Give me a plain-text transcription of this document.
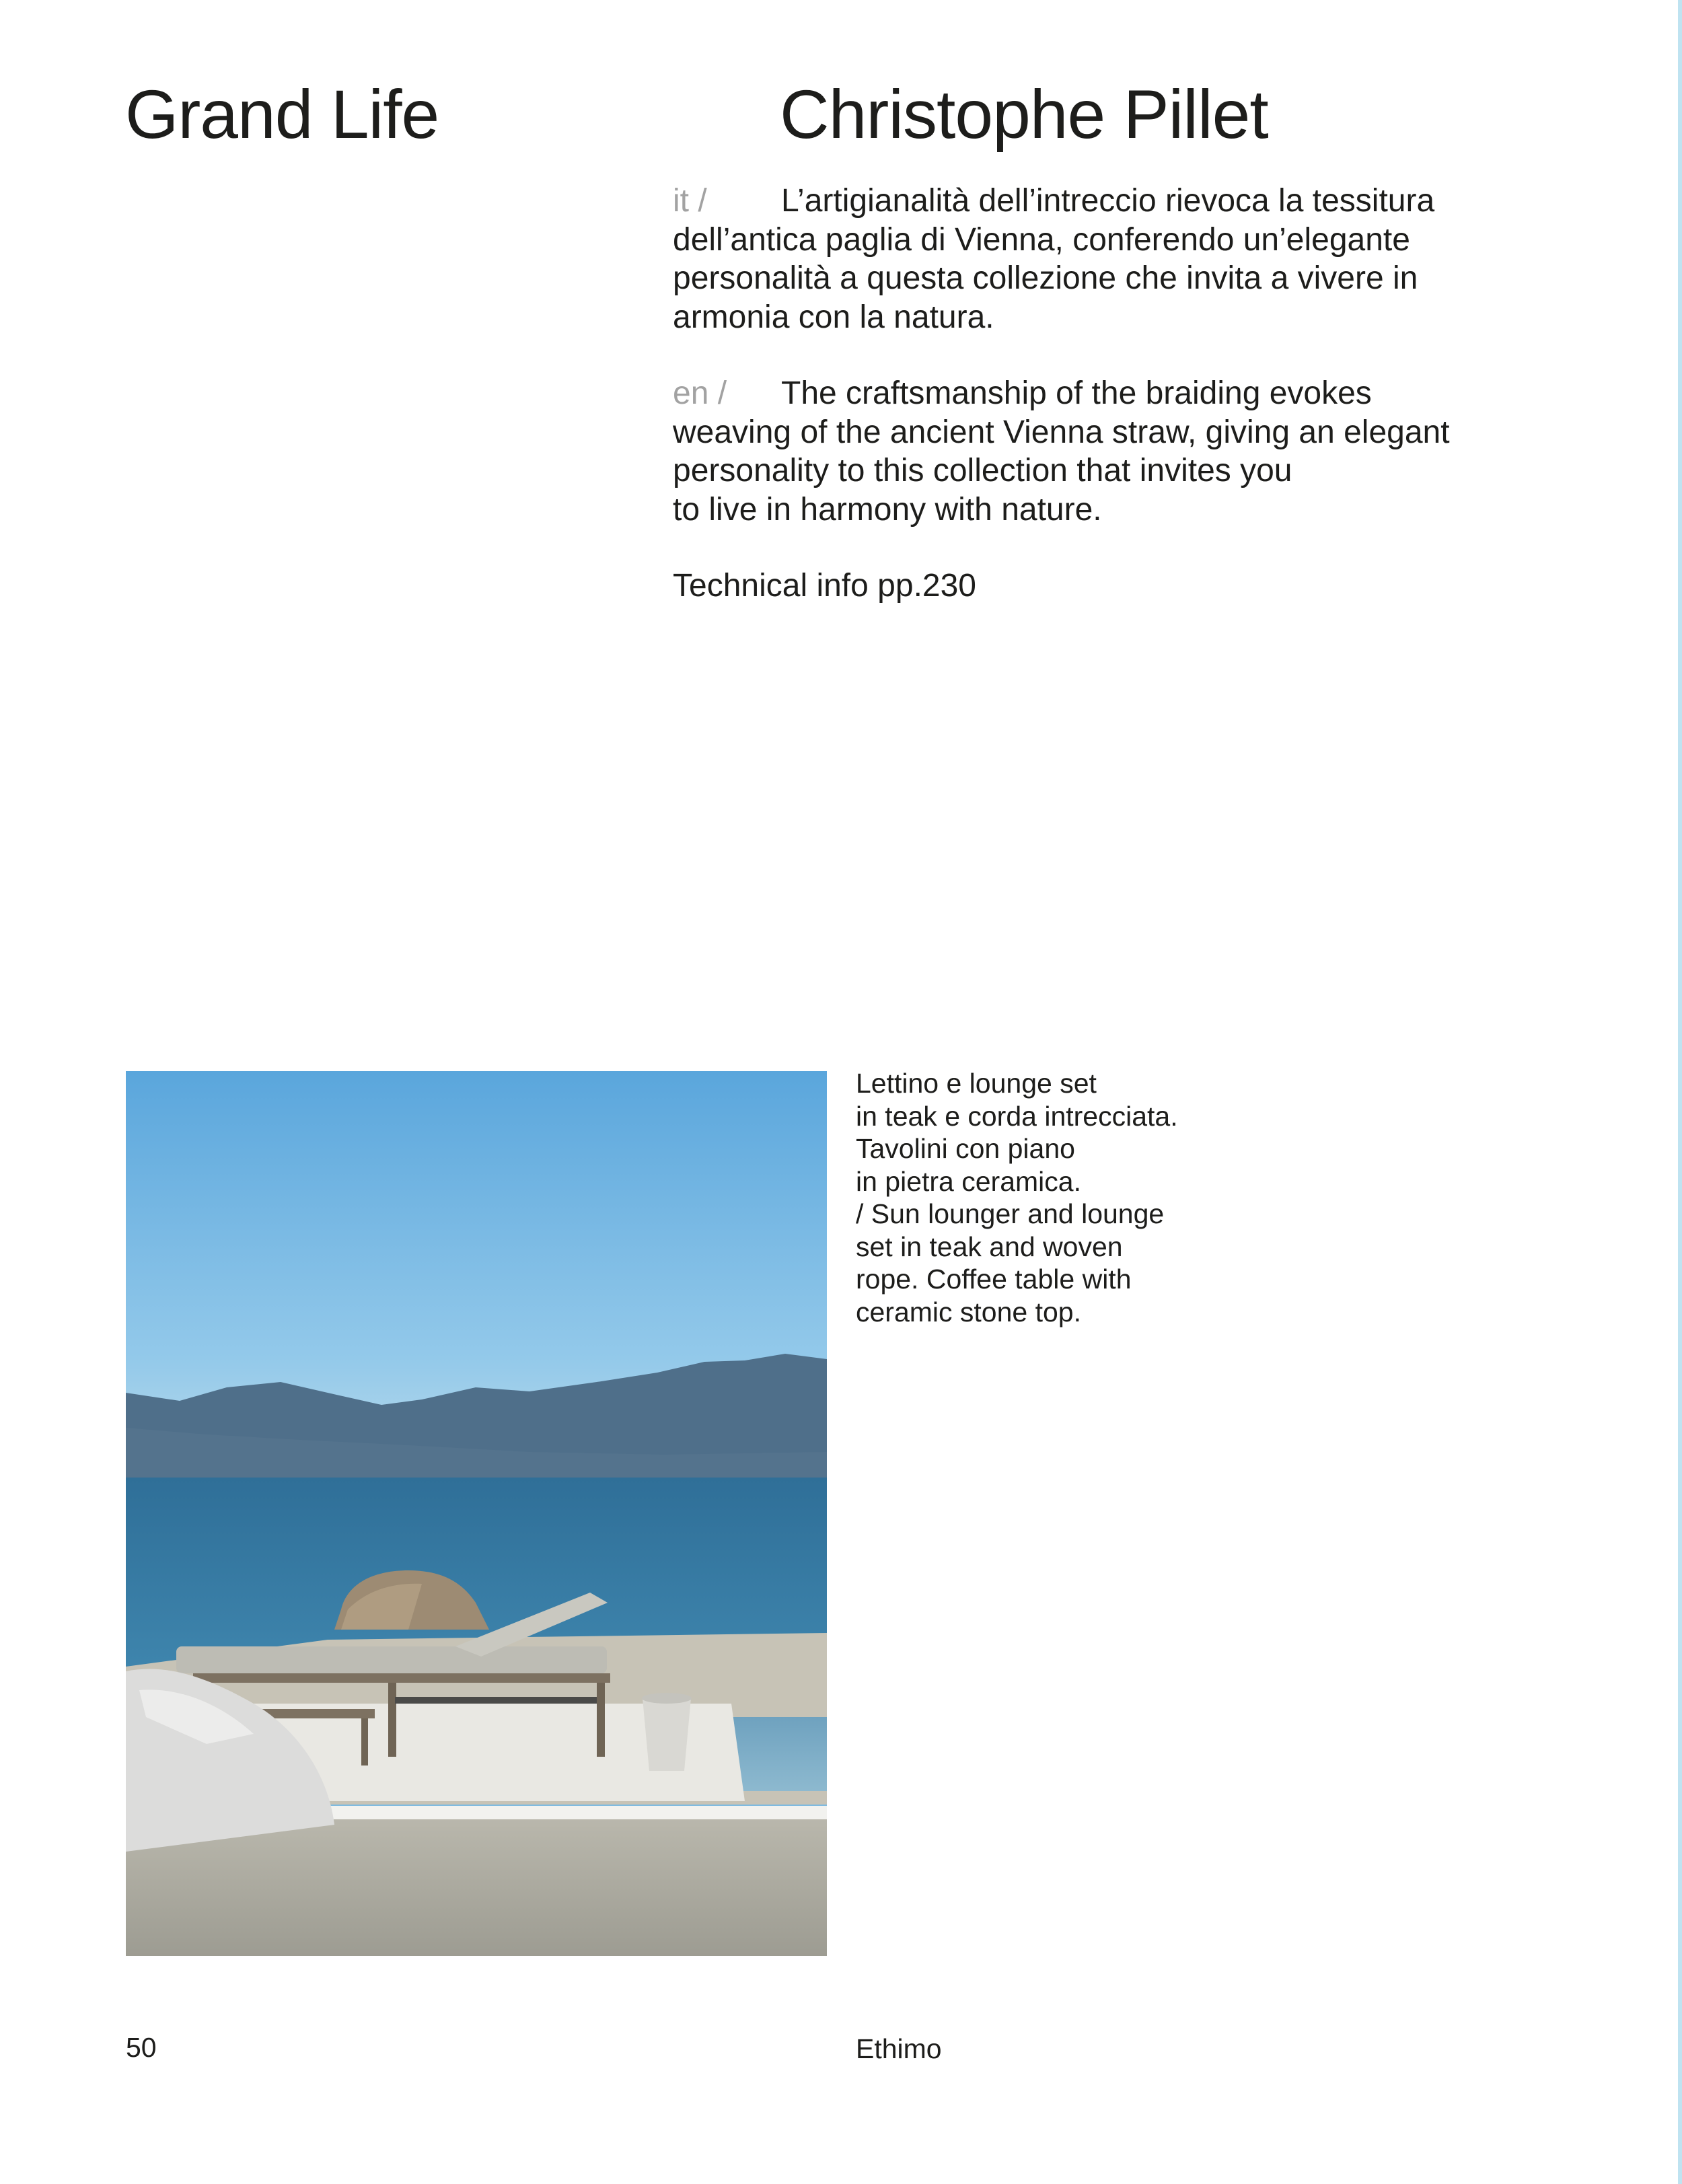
Grand Life	Christophe Pillet

it / L’artigianalità dell’intreccio rievoca la tessitura
dell’antica paglia di Vienna, conferendo un’elegante
personalità a questa collezione che invita a vivere in
armonia con la natura.

en / The craftsmanship of the braiding evokes
weaving of the ancient Vienna straw, giving an elegant
personality to this collection that invites you
to live in harmony with nature.

Technical info pp.230

Lettino e lounge set
in teak e corda intrecciata.
Tavolini con piano
in pietra ceramica.
/ Sun lounger and lounge
set in teak and woven
rope. Coffee table with
ceramic stone top.

50	Ethimo
